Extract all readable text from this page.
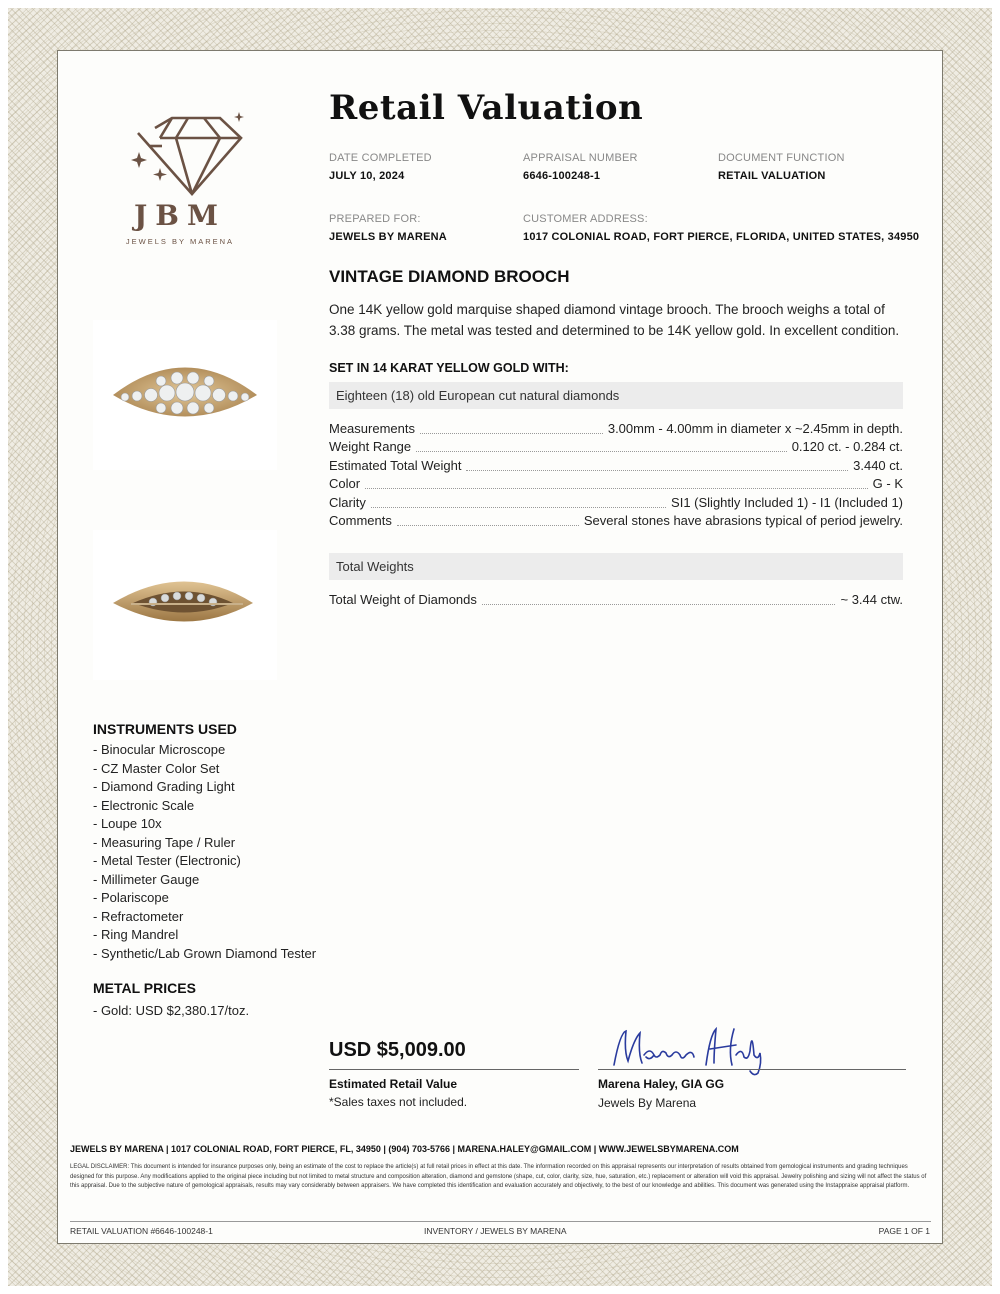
JBM
JEWELS BY MARENA
Retail Valuation
DATE COMPLETED
JULY 10, 2024
APPRAISAL NUMBER
6646-100248-1
DOCUMENT FUNCTION
RETAIL VALUATION
PREPARED FOR:
JEWELS BY MARENA
CUSTOMER ADDRESS:
1017 COLONIAL ROAD, FORT PIERCE, FLORIDA, UNITED STATES, 34950
VINTAGE DIAMOND BROOCH
One 14K yellow gold marquise shaped diamond vintage brooch. The brooch weighs a total of 3.38 grams. The metal was tested and determined to be 14K yellow gold. In excellent condition.
SET IN 14 KARAT YELLOW GOLD WITH:
Eighteen (18) old European cut natural diamonds
Measurements	3.00mm - 4.00mm in diameter x ~2.45mm in depth.
Weight Range	0.120 ct. - 0.284 ct.
Estimated Total Weight	3.440 ct.
Color	G - K
Clarity	SI1 (Slightly Included 1) - I1 (Included 1)
Comments	Several stones have abrasions typical of period jewelry.
Total Weights
Total Weight of Diamonds	~ 3.44 ctw.
INSTRUMENTS USED
- Binocular Microscope
- CZ Master Color Set
- Diamond Grading Light
- Electronic Scale
- Loupe 10x
- Measuring Tape / Ruler
- Metal Tester (Electronic)
- Millimeter Gauge
- Polariscope
- Refractometer
- Ring Mandrel
- Synthetic/Lab Grown Diamond Tester
METAL PRICES
- Gold: USD $2,380.17/toz.
USD $5,009.00
Estimated Retail Value
*Sales taxes not included.
Marena Haley, GIA GG
Jewels By Marena
JEWELS BY MARENA | 1017 COLONIAL ROAD, FORT PIERCE, FL, 34950 | (904) 703-5766 | MARENA.HALEY@GMAIL.COM | WWW.JEWELSBYMARENA.COM
LEGAL DISCLAIMER: This document is intended for insurance purposes only, being an estimate of the cost to replace the article(s) at full retail prices in effect at this date. The information recorded on this appraisal represents our interpretation of results obtained from gemological instruments and grading techniques designed for this purpose. Any modifications applied to the original piece including but not limited to metal structure and composition alteration, diamond and gemstone (shape, cut, color, clarity, size, hue, saturation, etc.) replacement or alteration will void this appraisal. Jewelry polishing and sizing will not affect the status of this appraisal. Due to the subjective nature of gemological appraisals, results may vary considerably between appraisers. We have completed this identification and evaluation accurately and objectively, to the best of our knowledge and abilities. This document was generated using the Instappraise appraisal platform.
RETAIL VALUATION #6646-100248-1	INVENTORY / JEWELS BY MARENA	PAGE 1 OF 1
